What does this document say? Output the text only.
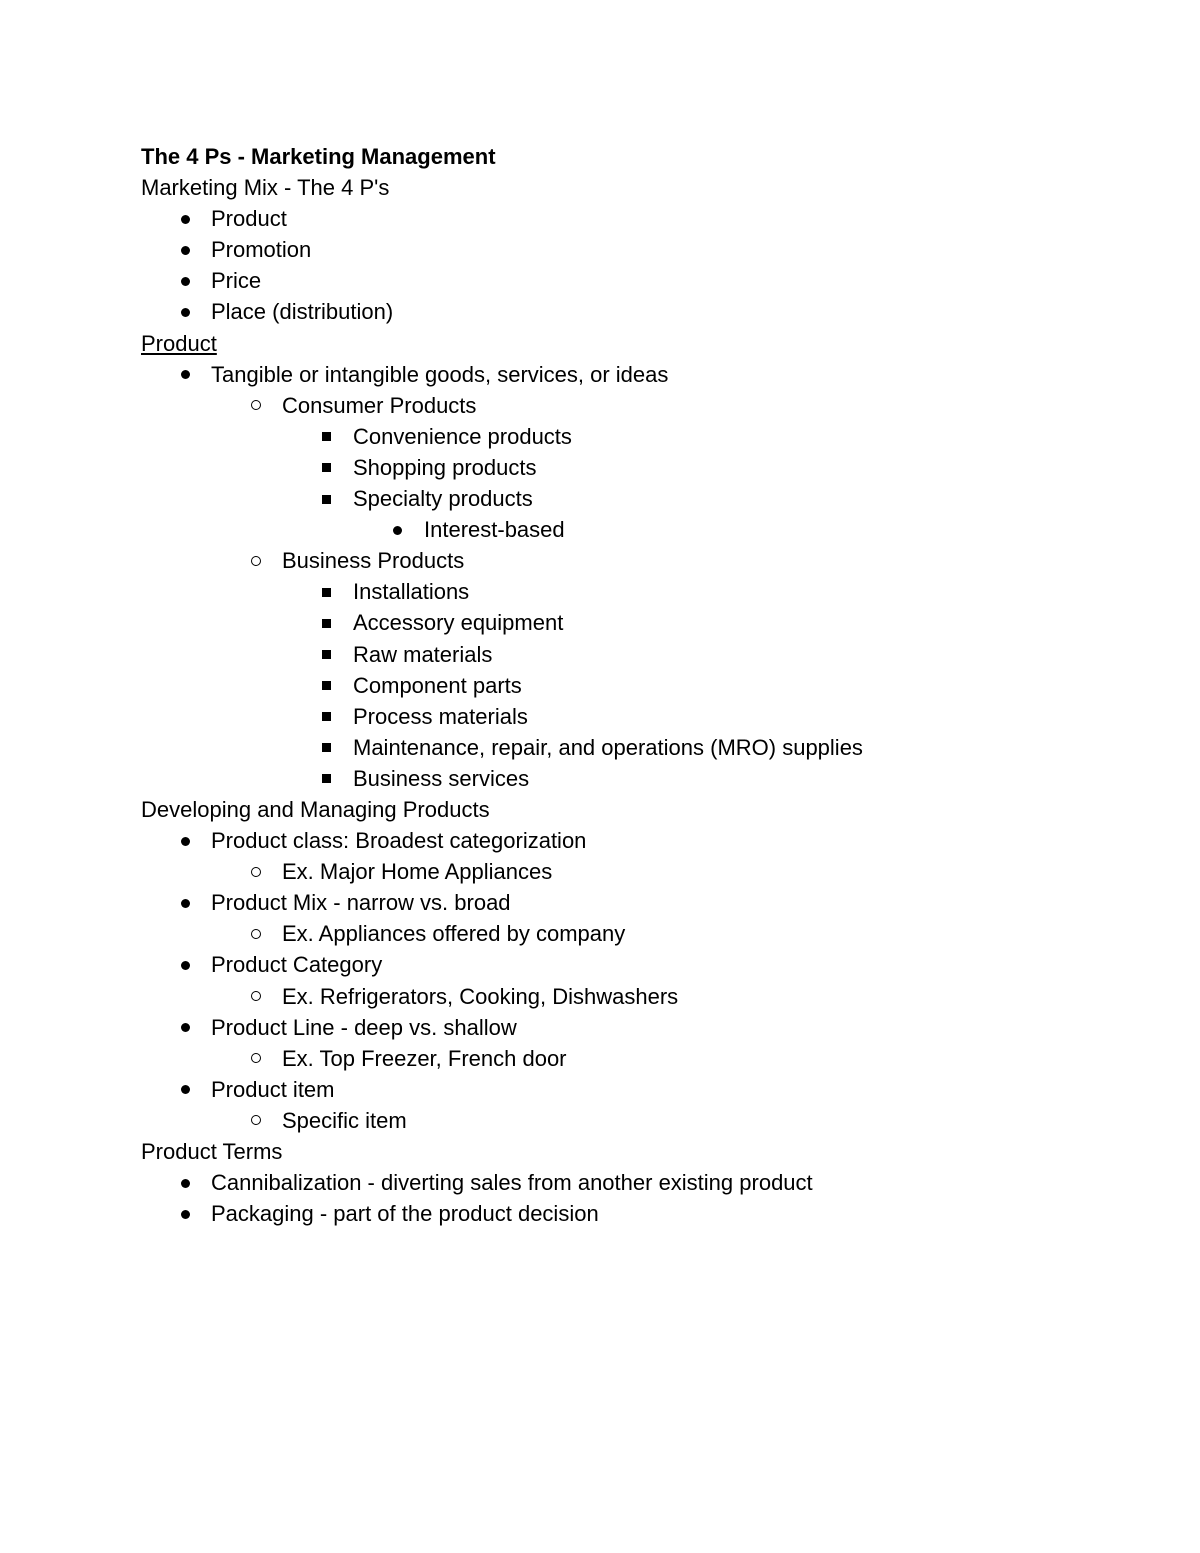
The 4 Ps - Marketing Management
Marketing Mix - The 4 P's
Product
Promotion
Price
Place (distribution)
Product
Tangible or intangible goods, services, or ideas
Consumer Products
Convenience products
Shopping products
Specialty products
Interest-based
Business Products
Installations
Accessory equipment
Raw materials
Component parts
Process materials
Maintenance, repair, and operations (MRO) supplies
Business services
Developing and Managing Products
Product class: Broadest categorization
Ex. Major Home Appliances
Product Mix - narrow vs. broad
Ex. Appliances offered by company
Product Category
Ex. Refrigerators, Cooking, Dishwashers
Product Line - deep vs. shallow
Ex. Top Freezer, French door
Product item
Specific item
Product Terms
Cannibalization - diverting sales from another existing product
Packaging - part of the product decision
